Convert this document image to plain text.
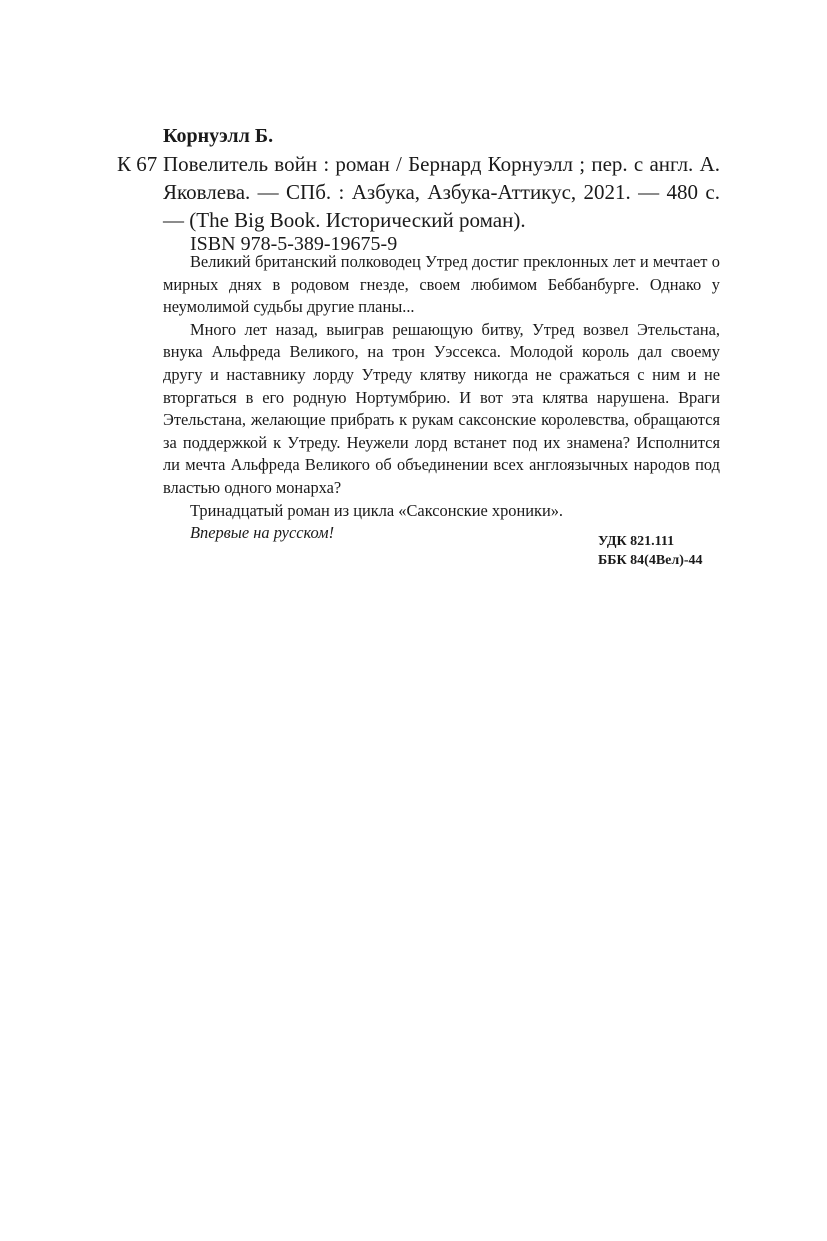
Корнуэлл Б.
К 67 Повелитель войн : роман / Бернард Корнуэлл ; пер. с англ. А. Яковлева. — СПб. : Азбука, Азбука-Аттикус, 2021. — 480 с. — (The Big Book. Исторический роман).
ISBN 978-5-389-19675-9

Великий британский полководец Утред достиг преклонных лет и мечтает о мирных днях в родовом гнезде, своем любимом Беббанбурге. Однако у неумолимой судьбы другие планы...

Много лет назад, выиграв решающую битву, Утред возвел Этельстана, внука Альфреда Великого, на трон Уэссекса. Молодой король дал своему другу и наставнику лорду Утреду клятву никогда не сражаться с ним и не вторгаться в его родную Нортумбрию. И вот эта клятва нарушена. Враги Этельстана, желающие прибрать к рукам саксонские королевства, обращаются за поддержкой к Утреду. Неужели лорд встанет под их знамена? Исполнится ли мечта Альфреда Великого об объединении всех англоязычных народов под властью одного монарха?

Тринадцатый роман из цикла «Саксонские хроники».

Впервые на русском!	УДК 821.111
ББК 84(4Вел)-44
